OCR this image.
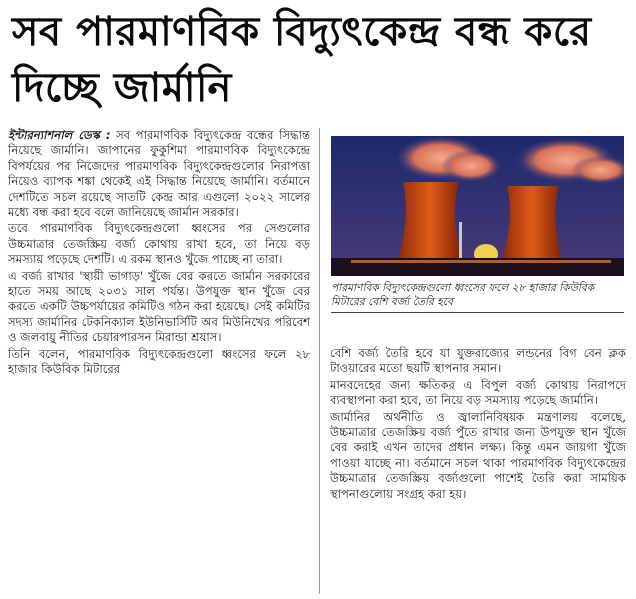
সব পারমাণবিক বিদ্যুৎকেন্দ্র বন্ধ করে দিচ্ছে জার্মানি

ইন্টারন্যাশনাল ডেস্ক : সব পারমাণবিক বিদ্যুৎকেন্দ্র বন্ধের সিদ্ধান্ত নিয়েছে জার্মানি। জাপানের ফুকুশিমা পারমাণবিক বিদ্যুৎকেন্দ্রে বিপর্যয়ের পর নিজেদের পারমাণবিক বিদ্যুৎকেন্দ্রগুলোর নিরাপত্তা নিয়েও ব্যাপক শঙ্কা থেকেই এই সিদ্ধান্ত নিয়েছে জার্মানি। বর্তমানে দেশটিতে সচল রয়েছে সাতটি কেন্দ্র আর এগুলো ২০২২ সালের মধ্যে বন্ধ করা হবে বলে জানিয়েছে জার্মান সরকার।

তবে পারমাণবিক বিদ্যুৎকেন্দ্রগুলো ধ্বংসের পর সেগুলোর উচ্চমাত্রার তেজস্ক্রিয় বর্জ্য কোথায় রাখা হবে, তা নিয়ে বড় সমস্যায় পড়েছে দেশটি। এ রকম স্থানও খুঁজে পাচ্ছে না তারা।

এ বর্জ্য রাখার 'স্থায়ী ভাগাড়' খুঁজে বের করতে জার্মান সরকারের হাতে সময় আছে ২০৩১ সাল পর্যন্ত। উপযুক্ত স্থান খুঁজে বের করতে একটি উচ্চপর্যায়ের কমিটিও গঠন করা হয়েছে। সেই কমিটির সদস্য জার্মানির টেকনিক্যাল ইউনিভার্সিটি অব মিউনিখের পরিবেশ ও জলবায়ু নীতির চেয়ারপারসন মিরান্ডা শ্রয়াস।

তিনি বলেন, পারমাণবিক বিদ্যুৎকেন্দ্রগুলো ধ্বংসের ফলে ২৮ হাজার কিউবিক মিটারের

পারমাণবিক বিদ্যুৎকেন্দ্রগুলো ধ্বংসের ফলে ২৮ হাজার কিউবিক মিটারের বেশি বর্জ্য তৈরি হবে

বেশি বর্জ্য তৈরি হবে যা যুক্তরাজ্যের লন্ডনের বিগ বেন ক্লক টাওয়ারের মতো ছয়টি স্থাপনার সমান।

মানবদেহের জন্য ক্ষতিকর এ বিপুল বর্জ্য কোথায় নিরাপদে ব্যবস্থাপনা করা হবে, তা নিয়ে বড় সমস্যায় পড়েছে জার্মানি।

জার্মানির অর্থনীতি ও জ্বালানিবিষয়ক মন্ত্রণালয় বলেছে, উচ্চমাত্রার তেজস্ক্রিয় বর্জ্য পুঁতে রাখার জন্য উপযুক্ত স্থান খুঁজে বের করাই এখন তাদের প্রধান লক্ষ্য। কিন্তু এমন জায়গা খুঁজে পাওয়া যাচ্ছে না। বর্তমানে সচল থাকা পারমাণবিক বিদ্যুৎকেন্দ্রের উচ্চমাত্রার তেজস্ক্রিয় বর্জ্যগুলো পাশেই তৈরি করা সাময়িক স্থাপনাগুলোয় সংগ্রহ করা হয়।
